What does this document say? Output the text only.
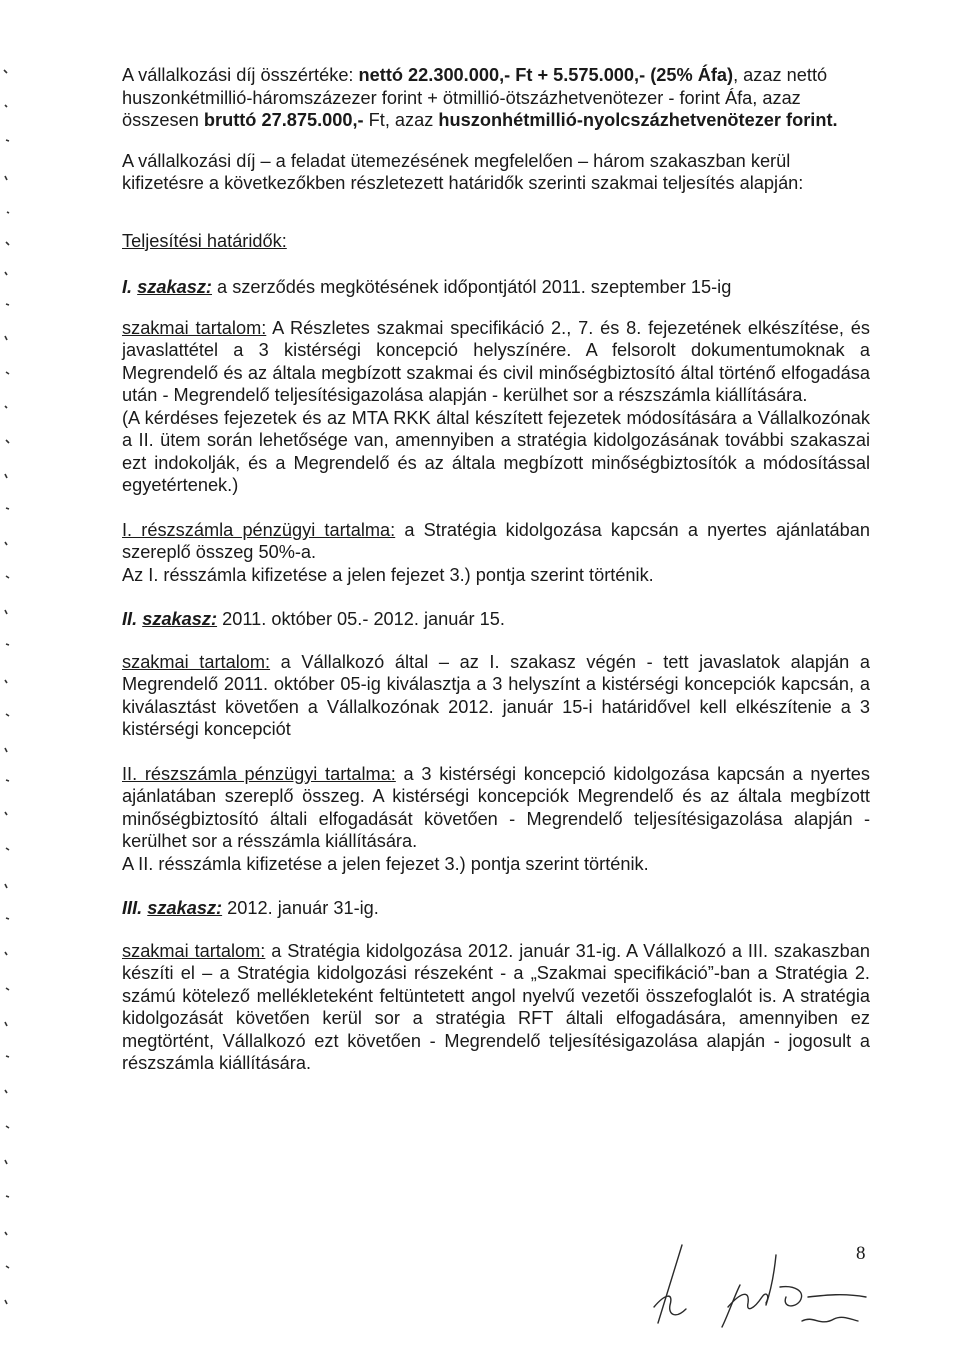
A vállalkozási díj összértéke: nettó 22.300.000,- Ft + 5.575.000,- (25% Áfa), azaz nettó huszonkétmillió-háromszázezer forint + ötmillió-ötszázhetvenötezer - forint Áfa, azaz

összesen bruttó 27.875.000,- Ft, azaz huszonhétmillió-nyolcszázhetvenötezer forint.

A vállalkozási díj – a feladat ütemezésének megfelelően – három szakaszban kerül kifizetésre a következőkben részletezett határidők szerinti szakmai teljesítés alapján:

Teljesítési határidők:

I. szakasz: a szerződés megkötésének időpontjától 2011. szeptember 15-ig

szakmai tartalom: A Részletes szakmai specifikáció 2., 7. és 8. fejezetének elkészítése, és javaslattétel a 3 kistérségi koncepció helyszínére. A felsorolt dokumentumoknak a Megrendelő és az általa megbízott szakmai és civil minőségbiztosító által történő elfogadása után - Megrendelő teljesítésigazolása alapján - kerülhet sor a részszámla kiállítására.

(A kérdéses fejezetek és az MTA RKK által készített fejezetek módosítására a Vállalkozónak a II. ütem során lehetősége van, amennyiben a stratégia kidolgozásának további szakaszai ezt indokolják, és a Megrendelő és az általa megbízott minőségbiztosítók a módosítással egyetértenek.)

I. részszámla pénzügyi tartalma: a Stratégia kidolgozása kapcsán a nyertes ajánlatában szereplő összeg 50%-a.

Az I. résszámla kifizetése a jelen fejezet 3.) pontja szerint történik.

II. szakasz: 2011. október 05.- 2012. január 15.

szakmai tartalom: a Vállalkozó által – az I. szakasz végén - tett javaslatok alapján a Megrendelő 2011. október 05-ig kiválasztja a 3 helyszínt a kistérségi koncepciók kapcsán, a kiválasztást követően a Vállalkozónak 2012. január 15-i határidővel kell elkészítenie a 3 kistérségi koncepciót

II. részszámla pénzügyi tartalma: a 3 kistérségi koncepció kidolgozása kapcsán a nyertes ajánlatában szereplő összeg. A kistérségi koncepciók Megrendelő és az általa megbízott minőségbiztosító általi elfogadását követően - Megrendelő teljesítésigazolása alapján - kerülhet sor a résszámla kiállítására.

A II. résszámla kifizetése a jelen fejezet 3.) pontja szerint történik.

III. szakasz: 2012. január 31-ig.

szakmai tartalom: a Stratégia kidolgozása 2012. január 31-ig. A Vállalkozó a III. szakaszban készíti el – a Stratégia kidolgozási részeként - a „Szakmai specifikáció”-ban a Stratégia 2. számú kötelező mellékleteként feltüntetett angol nyelvű vezetői összefoglalót is. A stratégia kidolgozását követően kerül sor a stratégia RFT általi elfogadására, amennyiben ez megtörtént, Vállalkozó ezt követően - Megrendelő teljesítésigazolása alapján - jogosult a részszámla kiállítására.

8
